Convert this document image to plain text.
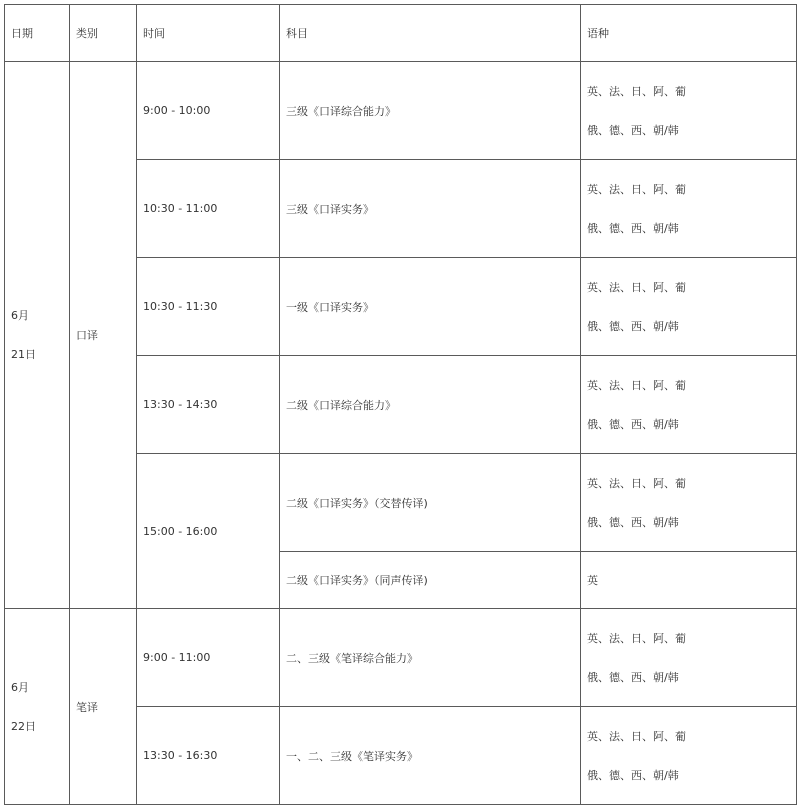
日期	类别	时间	科目	语种

6月
21日	口译	9:00 - 10:00	三级《口译综合能力》	英、法、日、阿、葡
俄、德、西、朝/韩

		10:30 - 11:00	三级《口译实务》	英、法、日、阿、葡
俄、德、西、朝/韩

		10:30 - 11:30	一级《口译实务》	英、法、日、阿、葡
俄、德、西、朝/韩

		13:30 - 14:30	二级《口译综合能力》	英、法、日、阿、葡
俄、德、西、朝/韩

		15:00 - 16:00	二级《口译实务》（交替传译)	英、法、日、阿、葡
俄、德、西、朝/韩

			二级《口译实务》（同声传译)	英

6月
22日	笔译	9:00 - 11:00	二、三级《笔译综合能力》	英、法、日、阿、葡
俄、德、西、朝/韩

		13:30 - 16:30	一、二、三级《笔译实务》	英、法、日、阿、葡
俄、德、西、朝/韩
